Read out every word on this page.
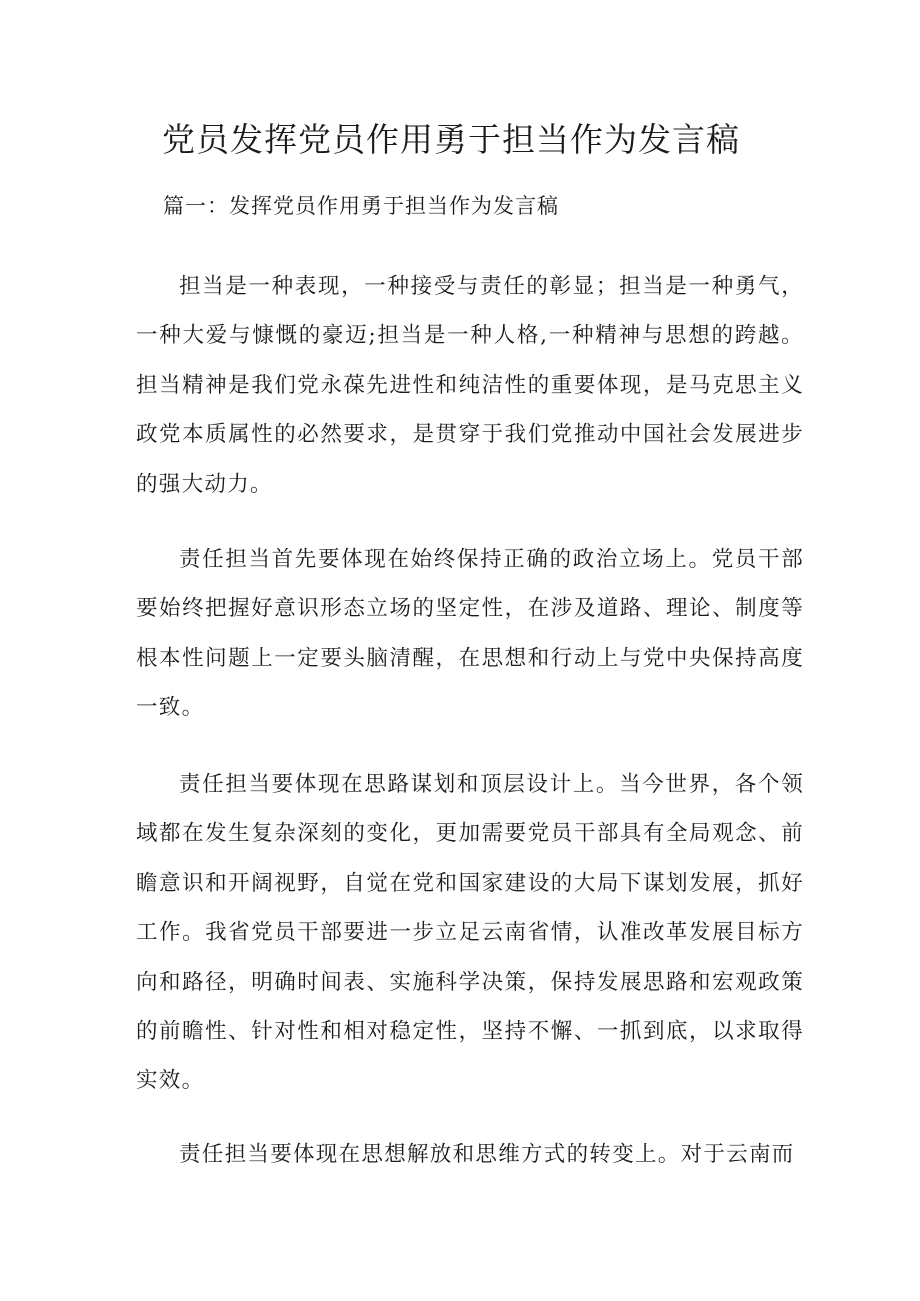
党员发挥党员作用勇于担当作为发言稿
篇一：发挥党员作用勇于担当作为发言稿

担当是一种表现，一种接受与责任的彰显；担当是一种勇气，一种大爱与慷慨的豪迈;担当是一种人格,一种精神与思想的跨越。担当精神是我们党永葆先进性和纯洁性的重要体现，是马克思主义政党本质属性的必然要求，是贯穿于我们党推动中国社会发展进步的强大动力。

责任担当首先要体现在始终保持正确的政治立场上。党员干部要始终把握好意识形态立场的坚定性，在涉及道路、理论、制度等根本性问题上一定要头脑清醒，在思想和行动上与党中央保持高度一致。

责任担当要体现在思路谋划和顶层设计上。当今世界，各个领域都在发生复杂深刻的变化，更加需要党员干部具有全局观念、前瞻意识和开阔视野，自觉在党和国家建设的大局下谋划发展，抓好工作。我省党员干部要进一步立足云南省情，认准改革发展目标方向和路径，明确时间表、实施科学决策，保持发展思路和宏观政策的前瞻性、针对性和相对稳定性，坚持不懈、一抓到底，以求取得实效。

责任担当要体现在思想解放和思维方式的转变上。对于云南而
